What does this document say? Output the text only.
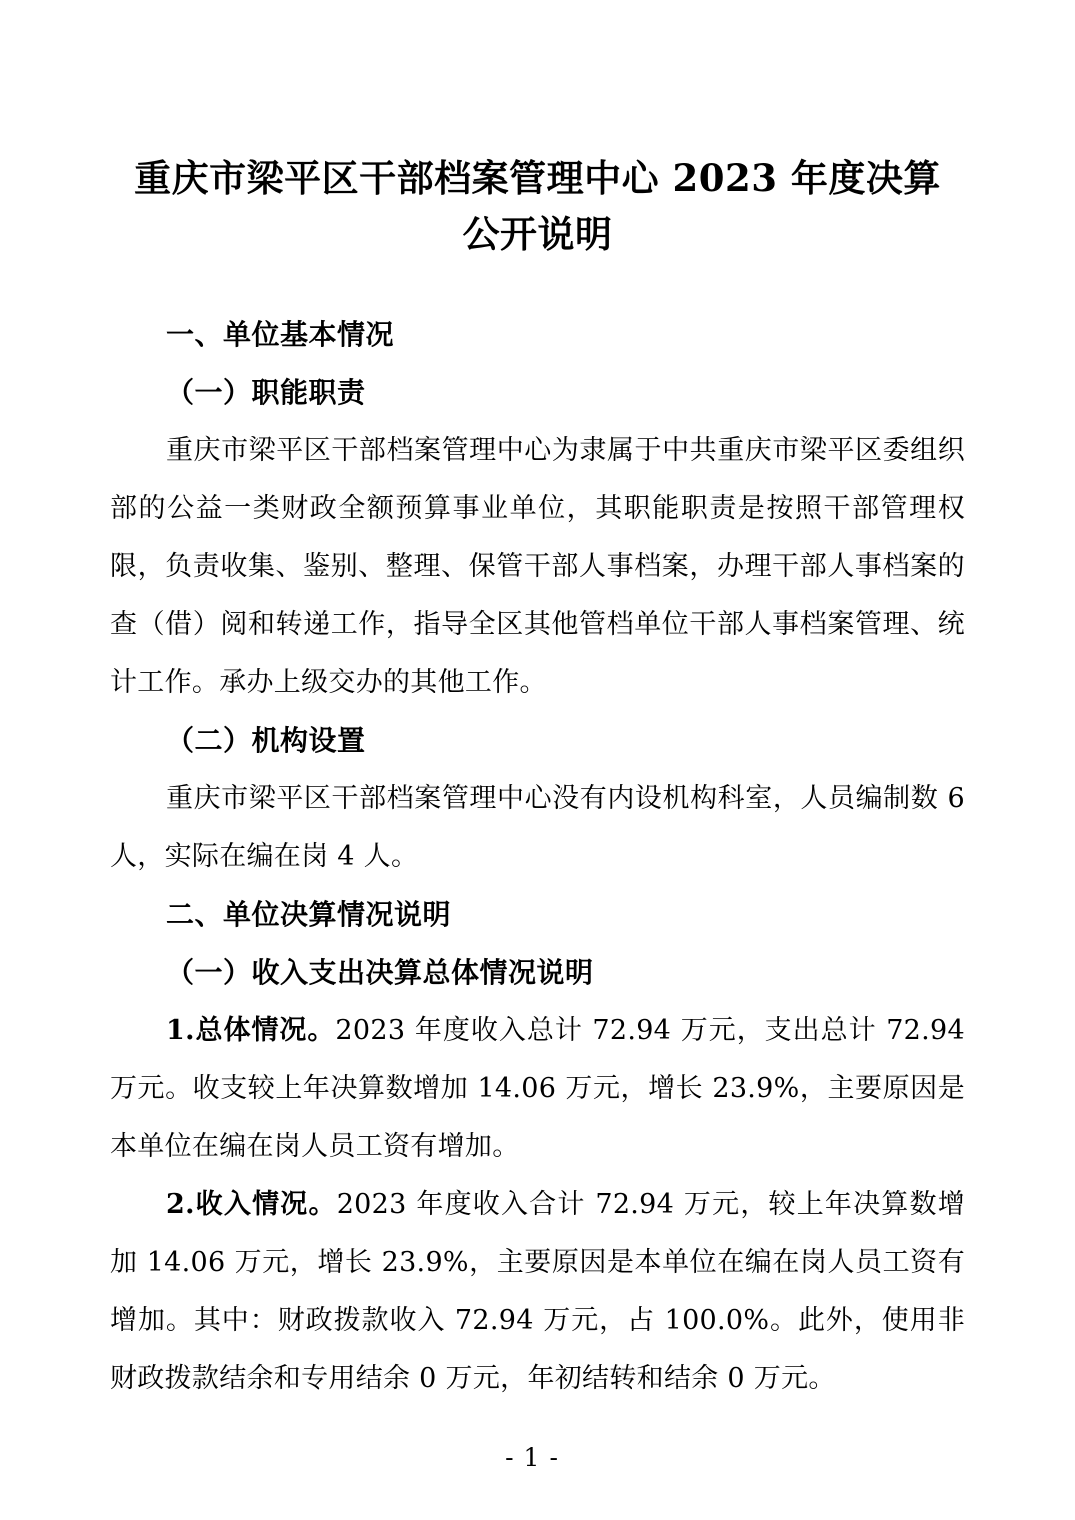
重庆市梁平区干部档案管理中心 2023 年度决算公开说明

一、单位基本情况

（一）职能职责

重庆市梁平区干部档案管理中心为隶属于中共重庆市梁平区委组织部的公益一类财政全额预算事业单位，其职能职责是按照干部管理权限，负责收集、鉴别、整理、保管干部人事档案，办理干部人事档案的查（借）阅和转递工作，指导全区其他管档单位干部人事档案管理、统计工作。承办上级交办的其他工作。

（二）机构设置

重庆市梁平区干部档案管理中心没有内设机构科室，人员编制数 6 人，实际在编在岗 4 人。

二、单位决算情况说明

（一）收入支出决算总体情况说明

1.总体情况。2023 年度收入总计 72.94 万元，支出总计 72.94 万元。收支较上年决算数增加 14.06 万元，增长 23.9%，主要原因是本单位在编在岗人员工资有增加。

2.收入情况。2023 年度收入合计 72.94 万元，较上年决算数增加 14.06 万元，增长 23.9%，主要原因是本单位在编在岗人员工资有增加。其中：财政拨款收入 72.94 万元，占 100.0%。此外，使用非财政拨款结余和专用结余 0 万元，年初结转和结余 0 万元。

- 1 -
